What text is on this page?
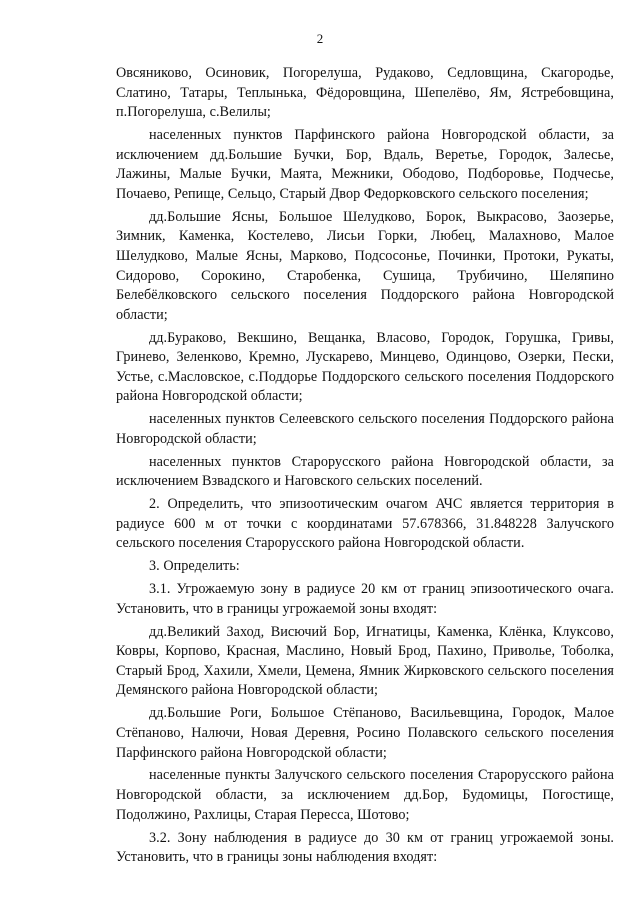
2

Овсяниково, Осиновик, Погорелуша, Рудаково, Седловщина, Скагородье, Слатино, Татары, Теплынька, Фёдоровщина, Шепелёво, Ям, Ястребовщина, п.Погорелуша, с.Велилы;

населенных пунктов Парфинского района Новгородской области, за исключением дд.Большие Бучки, Бор, Вдаль, Веретье, Городок, Залесье, Лажины, Малые Бучки, Маята, Межники, Ободово, Подборовье, Подчесье, Почаево, Репище, Сельцо, Старый Двор Федорковского сельского поселения;

дд.Большие Ясны, Большое Шелудково, Борок, Выкрасово, Заозерье, Зимник, Каменка, Костелево, Лисьи Горки, Любец, Малахново, Малое Шелудково, Малые Ясны, Марково, Подсосонье, Починки, Протоки, Рукаты, Сидорово, Сорокино, Старобенка, Сушица, Трубичино, Шеляпино Белебёлковского сельского поселения Поддорского района Новгородской области;

дд.Бураково, Векшино, Вещанка, Власово, Городок, Горушка, Гривы, Гринево, Зеленково, Кремно, Лускарево, Минцево, Одинцово, Озерки, Пески, Устье, с.Масловское, с.Поддорье Поддорского сельского поселения Поддорского района Новгородской области;

населенных пунктов Селеевского сельского поселения Поддорского района Новгородской области;

населенных пунктов Старорусского района Новгородской области, за исключением Взвадского и Наговского сельских поселений.

2. Определить, что эпизоотическим очагом АЧС является территория в радиусе 600 м от точки с координатами 57.678366, 31.848228 Залучского сельского поселения Старорусского района Новгородской области.

3. Определить:

3.1. Угрожаемую зону в радиусе 20 км от границ эпизоотического очага. Установить, что в границы угрожаемой зоны входят:

дд.Великий Заход, Висючий Бор, Игнатицы, Каменка, Клёнка, Клуксово, Ковры, Корпово, Красная, Маслино, Новый Брод, Пахино, Приволье, Тоболка, Старый Брод, Хахили, Хмели, Цемена, Ямник Жирковского сельского поселения Демянского района Новгородской области;

дд.Большие Роги, Большое Стёпаново, Васильевщина, Городок, Малое Стёпаново, Налючи, Новая Деревня, Росино Полавского сельского поселения Парфинского района Новгородской области;

населенные пункты Залучского сельского поселения Старорусского района Новгородской области, за исключением дд.Бор, Будомицы, Погостище, Подолжино, Рахлицы, Старая Пересса, Шотово;

3.2. Зону наблюдения в радиусе до 30 км от границ угрожаемой зоны. Установить, что в границы зоны наблюдения входят:
